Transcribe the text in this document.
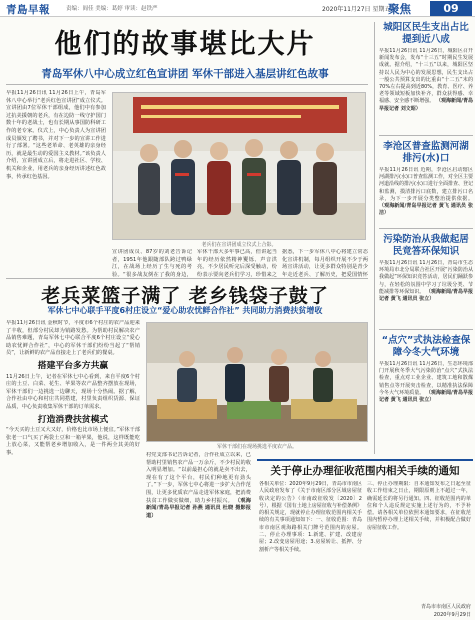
青島早報	责编：阎佳 美编：葛婷 审读：赵铁严	2020年11月27日 星期五
聚焦	09
他们的故事堪比大片
青岛军休八中心成立红色宣讲团 军休干部进入基层讲红色故事
早报11月26日讯 11月26日上午，青岛军休八中心举行“老兵红色宣讲团”成立仪式。宣讲团由7位军休干部组成，他们中有参加过抗美援朝的老兵，有在边防一线守护国门数十年的老战士，也有长期从事国防科研工作的老专家。仪式上，中心负责人为宣讲团成员颁发了聘书，并对下一步的宣讲工作进行了部署。“这些老革命、老英雄的亲身经历，就是最生动的爱国主义教材。”该负责人介绍，宣讲团成立后，将走进社区、学校、机关和企业，用老兵的亲身经历讲述红色故事，传承红色基因。
老兵们在宣讲团成立仪式上合影。
宣讲团成员、87岁的刘老告诉记者，1951年他跟随部队跨过鸭绿江，在战场上经历了生与死的考验。“很多战友倒在了我的身边，
军休干部大多年事已高，但讲起当年的经历依然精神矍铄、声音洪亮。不少居民听完后深受触动，纷纷表示要向老兵们学习，珍惜来之
据悉，下一步军休八中心将建立常态化宣讲机制，每月组织开展不少于两场宣讲活动，让更多群众特别是青少年走近老兵、了解历史，把爱国情怀
城阳区民生支出占比提到近八成
早报11月26日讯 11月26日，城阳区召开新闻发布会，发布“十三五”时期民生发展成就。据介绍，“十三五”以来，城阳区坚持以人民为中心的发展思想，民生支出占一般公共预算支出的比重由“十二五”末的70%左右提高到近80%，教育、医疗、养老等领域短板加快补齐，群众获得感、幸福感、安全感不断增强。 （观海新闻/青岛早报记者 刘文昭）
李沧区普查监测河湖排污(水)口
早报11月26日讯 近期，李沧区启动辖区河湖排污(水)口普查监测工作，对全区主要河道沿线的排污(水)口进行全面排查、登记和监测，摸清排污口底数，建立排污口名录，为下一步开展分类整治提供依据。 （观海新闻/青岛早报记者 黄飞 通讯员 张洁）
污染防治从我做起居民竞答环保知识
早报11月26日讯 11月26日，青岛市生态环境局市北分局联合社区开展“污染防治从我做起”环保知识竞答活动，居民们踊跃参与，在轻松的氛围中学习了垃圾分类、节能减排等环保知识。 （观海新闻/青岛早报记者 黄飞 通讯员 张立）
“点穴”式执法检查保障今冬大气环境
早报11月26日讯 11月26日，生态环境部门开展秋冬季大气污染防治“点穴”式执法检查，重点对工业企业、建筑工地和散煤销售点等开展突击检查，以精准执法保障今冬大气环境质量。 （观海新闻/青岛早报记者 黄飞 通讯员 张立）
老兵菜篮子满了 老乡钱袋子鼓了
军休七中心联手平度6村庄设立“爱心助农忧鲜合作社” 共同助力消费扶贫增收
早报11月26日讯 金秋时节，平度市6个村庄的农产品迎来了丰收，但部分村民却为销路发愁。为帮助村民解决农产品销售难题，青岛军休七中心联合平度6个村庄设立“爱心助农忧鲜合作社”，中心的军休干部们纷纷当起了“帮销员”，让新鲜的农产品直接走上了老兵们的餐桌。
搭建平台多方共赢
11月26日上午，记者在军休七中心看到，来自平度6个村庄的土豆、白菜、花生、苹果等农产品整齐摆放在现场，军休干部们一边挑选一边聊天，现场十分热闹。据了解，合作社由中心和村庄共同搭建，村里负责组织货源、保证品质，中心负责收集军休干部的订单需求。
打造消费扶贫模式
“今天买的土豆又大又好，价格也比市场上便宜。”军休干部张老一口气买了两袋土豆和一箱苹果，他说，这样既能吃上放心菜，又能帮老乡增加收入，是一件两全其美的好事。
军休干部们在现场挑选平度农产品。
村党支部书记告诉记者，合作社成立以来，已帮助村里销售农产品一万余斤，不少村民的收入明显增加。“以前最担心的就是卖不出去，现在有了这个平台，村民们种地更有劲头了。”下一步，军休七中心将进一步扩大合作范围，让更多优质农产品走进军休家庭，把消费扶贫工作做实做细，助力乡村振兴。 （观海新闻/青岛早报记者 孙燕 通讯员 杜晓 摄影报道）
关于停止办理征收范围内相关手续的通知
各相关单位：2020年9月29日，青岛市市南区人民政府发布了《关于市南区部分区域房屋征收决定的公告》（市南政征收发〔2020〕2号），根据《国有土地上房屋征收与补偿条例》的相关规定，现就停止办理征收范围内相关手续的有关事项通知如下：一、征收范围：青岛市市南区观海路相关门牌号范围内的房屋。二、停止办理事项：1.新建、扩建、改建房屋；2.改变房屋用途；3.房屋转让、抵押、分割析产等相关手续。
三、停止办理期限：自本通知发布之日起至征收工作结束之日止，期限原则上不超过一年，确需延长的将另行通知。四、征收范围内的单位和个人违反规定实施上述行为的，不予补偿。请各相关单位依照本通知要求，在征收范围内暂停办理上述相关手续，并积极配合做好房屋征收工作。
青岛市市南区人民政府
2020年9月29日
